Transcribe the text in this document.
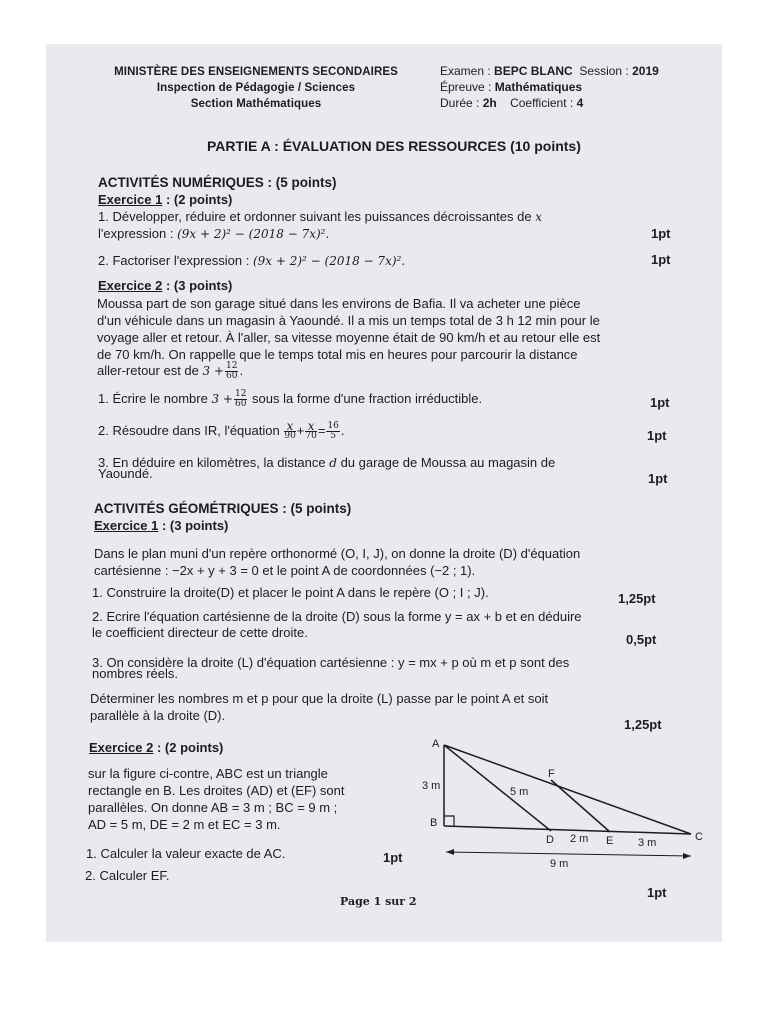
MINISTÈRE DES ENSEIGNEMENTS SECONDAIRES
Inspection de Pédagogie / Sciences
Section Mathématiques
Examen : BEPC BLANC Session : 2019
Épreuve : Mathématiques
Durée : 2h Coefficient : 4
PARTIE A : ÉVALUATION DES RESSOURCES (10 points)
ACTIVITÉS NUMÉRIQUES : (5 points)
Exercice 1 : (2 points)
1. Développer, réduire et ordonner suivant les puissances décroissantes de x
l'expression : (9x + 2)² − (2018 − 7x)².	1pt
2. Factoriser l'expression : (9x + 2)² − (2018 − 7x)².	1pt
Exercice 2 : (3 points)
Moussa part de son garage situé dans les environs de Bafia. Il va acheter une pièce
d'un véhicule dans un magasin à Yaoundé. Il a mis un temps total de 3 h 12 min pour le
voyage aller et retour. À l'aller, sa vitesse moyenne était de 90 km/h et au retour elle est
de 70 km/h. On rappelle que le temps total mis en heures pour parcourir la distance
aller-retour est de $3 + \frac{12}{60}$ .
1. Écrire le nombre $3 + \frac{12}{60}$ sous la forme d'une fraction irréductible.	1pt
2. Résoudre dans IR, l'équation x
90 + x
$70 = \frac{16}{5}$ .	1pt
3. En déduire en kilomètres, la distance d du garage de Moussa au magasin de
Yaoundé.	1pt
ACTIVITÉS GÉOMÉTRIQUES : (5 points)
Exercice 1 : (3 points)
Dans le plan muni d'un repère orthonormé (O, I, J), on donne la droite (D) d'équation
cartésienne : −2x + y + 3 = 0 et le point A de coordonnées (−2 ; 1).
1. Construire la droite(D) et placer le point A dans le repère (O ; I ; J).	1,25pt
2. Ecrire l'équation cartésienne de la droite (D) sous la forme y = ax + b et en déduire
le coefficient directeur de cette droite.	0,5pt
3. On considère la droite (L) d'équation cartésienne : y = mx + p où m et p sont des
nombres réels.
Déterminer les nombres m et p pour que la droite (L) passe par le point A et soit
parallèle à la droite (D).
1,25pt
Exercice 2 : (2 points)
sur la figure ci-contre, ABC est un triangle
rectangle en B. Les droites (AD) et (EF) sont
parallèles. On donne AB = 3 m ; BC = 9 m ;
AD = 5 m, DE = 2 m et EC = 3 m.
1. Calculer la valeur exacte de AC.	1pt
2. Calculer EF.
1pt
A
B
C
D	E
F
3 m	5 m
2 m	3 m
9 m
Page 1 sur 2
